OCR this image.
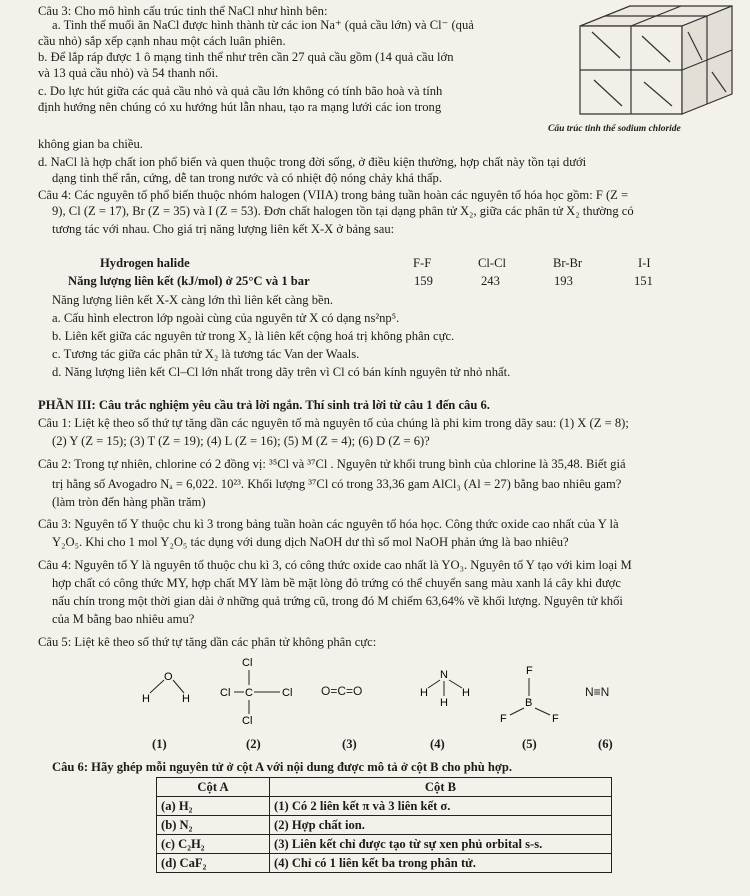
Câu 3: Cho mô hình cấu trúc tinh thể NaCl như hình bên:
a. Tinh thể muối ăn NaCl được hình thành từ các ion Na⁺ (quả cầu lớn) và Cl⁻ (quả
cầu nhỏ) sắp xếp cạnh nhau một cách luân phiên.
b. Để lắp ráp được 1 ô mạng tinh thể như trên cần 27 quả cầu gồm (14 quả cầu lớn
và 13 quả cầu nhỏ) và 54 thanh nối.
c. Do lực hút giữa các quả cầu nhỏ và quả cầu lớn không có tính bão hoà và tính
định hướng nên chúng có xu hướng hút lẫn nhau, tạo ra mạng lưới các ion trong
không gian ba chiều.
d. NaCl là hợp chất ion phổ biến và quen thuộc trong đời sống, ở điều kiện thường, hợp chất này tồn tại dưới
dạng tinh thể rắn, cứng, dễ tan trong nước và có nhiệt độ nóng chảy khá thấp.
Cấu trúc tinh thể sodium chloride
Câu 4: Các nguyên tố phổ biến thuộc nhóm halogen (VIIA) trong bảng tuần hoàn các nguyên tố hóa học gồm: F (Z =
9), Cl (Z = 17), Br (Z = 35) và I (Z = 53). Đơn chất halogen tồn tại dạng phân tử X₂, giữa các phân tử X₂ thường có
tương tác với nhau. Cho giá trị năng lượng liên kết X-X ở bảng sau:
Hydrogen halide	F-F	Cl-Cl	Br-Br	I-I
Năng lượng liên kết (kJ/mol) ở 25°C và 1 bar	159	243	193	151
Năng lượng liên kết X-X càng lớn thì liên kết càng bền.
a. Cấu hình electron lớp ngoài cùng của nguyên tử X có dạng ns²np⁵.
b. Liên kết giữa các nguyên tử trong X₂ là liên kết cộng hoá trị không phân cực.
c. Tương tác giữa các phân tử X₂ là tương tác Van der Waals.
d. Năng lượng liên kết Cl–Cl lớn nhất trong dãy trên vì Cl có bán kính nguyên tử nhỏ nhất.
PHẦN III: Câu trắc nghiệm yêu cầu trả lời ngắn. Thí sinh trả lời từ câu 1 đến câu 6.
Câu 1: Liệt kệ theo số thứ tự tăng dần các nguyên tố mà nguyên tố của chúng là phi kim trong dãy sau: (1) X (Z = 8);
(2) Y (Z = 15); (3) T (Z = 19); (4) L (Z = 16); (5) M (Z = 4); (6) D (Z = 6)?
Câu 2: Trong tự nhiên, chlorine có 2 đồng vị: ³⁵Cl và ³⁷Cl . Nguyên tử khối trung bình của chlorine là 35,48. Biết giá
trị hằng số Avogadro Nₐ = 6,022. 10²³. Khối lượng ³⁷Cl có trong 33,36 gam AlCl₃ (Al = 27) bằng bao nhiêu gam?
(làm tròn đến hàng phần trăm)
Câu 3: Nguyên tố Y thuộc chu kì 3 trong bảng tuần hoàn các nguyên tố hóa học. Công thức oxide cao nhất của Y là
Y₂O₅. Khi cho 1 mol Y₂O₅ tác dụng với dung dịch NaOH dư thì số mol NaOH phản ứng là bao nhiêu?
Câu 4: Nguyên tố Y là nguyên tố thuộc chu kì 3, có công thức oxide cao nhất là YO₃. Nguyên tố Y tạo với kim loại M
hợp chất có công thức MY, hợp chất MY làm bề mặt lòng đỏ trứng có thể chuyển sang màu xanh lá cây khi được
nấu chín trong một thời gian dài ở những quả trứng cũ, trong đó M chiếm 63,64% về khối lượng. Nguyên tử khối
của M bằng bao nhiêu amu?
Câu 5: Liệt kê theo số thứ tự tăng dần các phân tử không phân cực:
O
H	H
Cl
Cl C	Cl
Cl
O=C=O
N
H
H
H
F
B
F	F
N≡N
(1)	(2)	(3)	(4)	(5)	(6)
Câu 6: Hãy ghép mỗi nguyên tử ở cột A với nội dung được mô tả ở cột B cho phù hợp.
Cột A	Cột B
(a) H₂	(1) Có 2 liên kết π và 3 liên kết σ.
(b) N₂	(2) Hợp chất ion.
(c) C₂H₂	(3) Liên kết chỉ được tạo từ sự xen phủ orbital s-s.
(d) CaF₂	(4) Chỉ có 1 liên kết ba trong phân tử.
